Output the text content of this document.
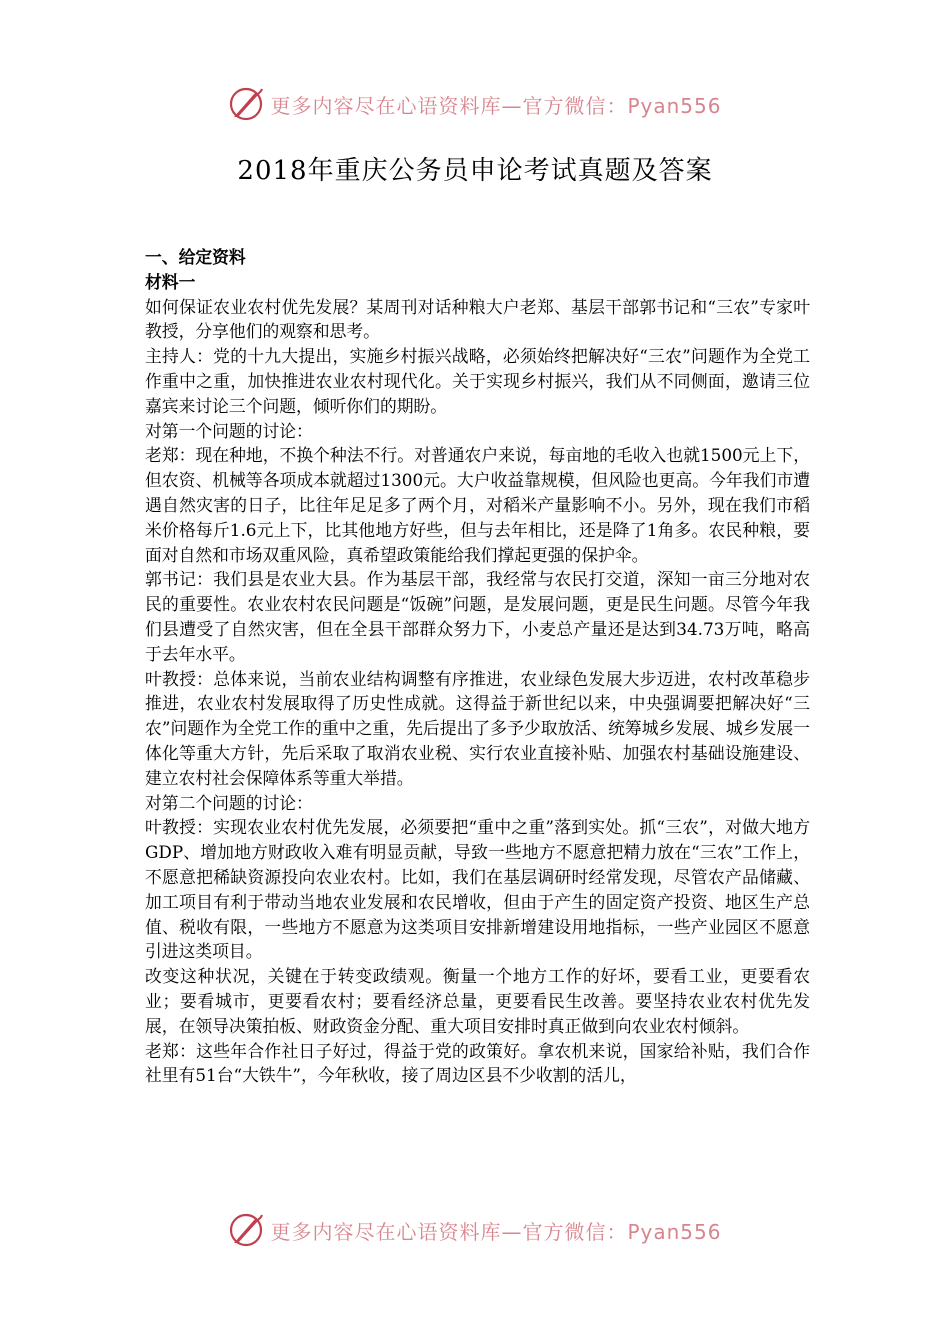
更多内容尽在心语资料库—官方微信：Pyan556
2018年重庆公务员申论考试真题及答案

一、给定资料

材料一

如何保证农业农村优先发展？某周刊对话种粮大户老郑、基层干部郭书记和“三农”专家叶教授，分享他们的观察和思考。

主持人：党的十九大提出，实施乡村振兴战略，必须始终把解决好“三农”问题作为全党工作重中之重，加快推进农业农村现代化。关于实现乡村振兴，我们从不同侧面，邀请三位嘉宾来讨论三个问题，倾听你们的期盼。

对第一个问题的讨论：

老郑：现在种地，不换个种法不行。对普通农户来说，每亩地的毛收入也就1500元上下，但农资、机械等各项成本就超过1300元。大户收益靠规模，但风险也更高。今年我们市遭遇自然灾害的日子，比往年足足多了两个月，对稻米产量影响不小。另外，现在我们市稻米价格每斤1.6元上下，比其他地方好些，但与去年相比，还是降了1角多。农民种粮，要面对自然和市场双重风险，真希望政策能给我们撑起更强的保护伞。

郭书记：我们县是农业大县。作为基层干部，我经常与农民打交道，深知一亩三分地对农民的重要性。农业农村农民问题是“饭碗”问题，是发展问题，更是民生问题。尽管今年我们县遭受了自然灾害，但在全县干部群众努力下，小麦总产量还是达到34.73万吨，略高于去年水平。

叶教授：总体来说，当前农业结构调整有序推进，农业绿色发展大步迈进，农村改革稳步推进，农业农村发展取得了历史性成就。这得益于新世纪以来，中央强调要把解决好“三农”问题作为全党工作的重中之重，先后提出了多予少取放活、统筹城乡发展、城乡发展一体化等重大方针，先后采取了取消农业税、实行农业直接补贴、加强农村基础设施建设、建立农村社会保障体系等重大举措。

对第二个问题的讨论：

叶教授：实现农业农村优先发展，必须要把“重中之重”落到实处。抓“三农”，对做大地方GDP、增加地方财政收入难有明显贡献，导致一些地方不愿意把精力放在“三农”工作上，不愿意把稀缺资源投向农业农村。比如，我们在基层调研时经常发现，尽管农产品储藏、加工项目有利于带动当地农业发展和农民增收，但由于产生的固定资产投资、地区生产总值、税收有限，一些地方不愿意为这类项目安排新增建设用地指标，一些产业园区不愿意引进这类项目。

改变这种状况，关键在于转变政绩观。衡量一个地方工作的好坏，要看工业，更要看农业；要看城市，更要看农村；要看经济总量，更要看民生改善。要坚持农业农村优先发展，在领导决策拍板、财政资金分配、重大项目安排时真正做到向农业农村倾斜。

老郑：这些年合作社日子好过，得益于党的政策好。拿农机来说，国家给补贴，我们合作社里有51台“大铁牛”，今年秋收，接了周边区县不少收割的活儿，

更多内容尽在心语资料库—官方微信：Pyan556
